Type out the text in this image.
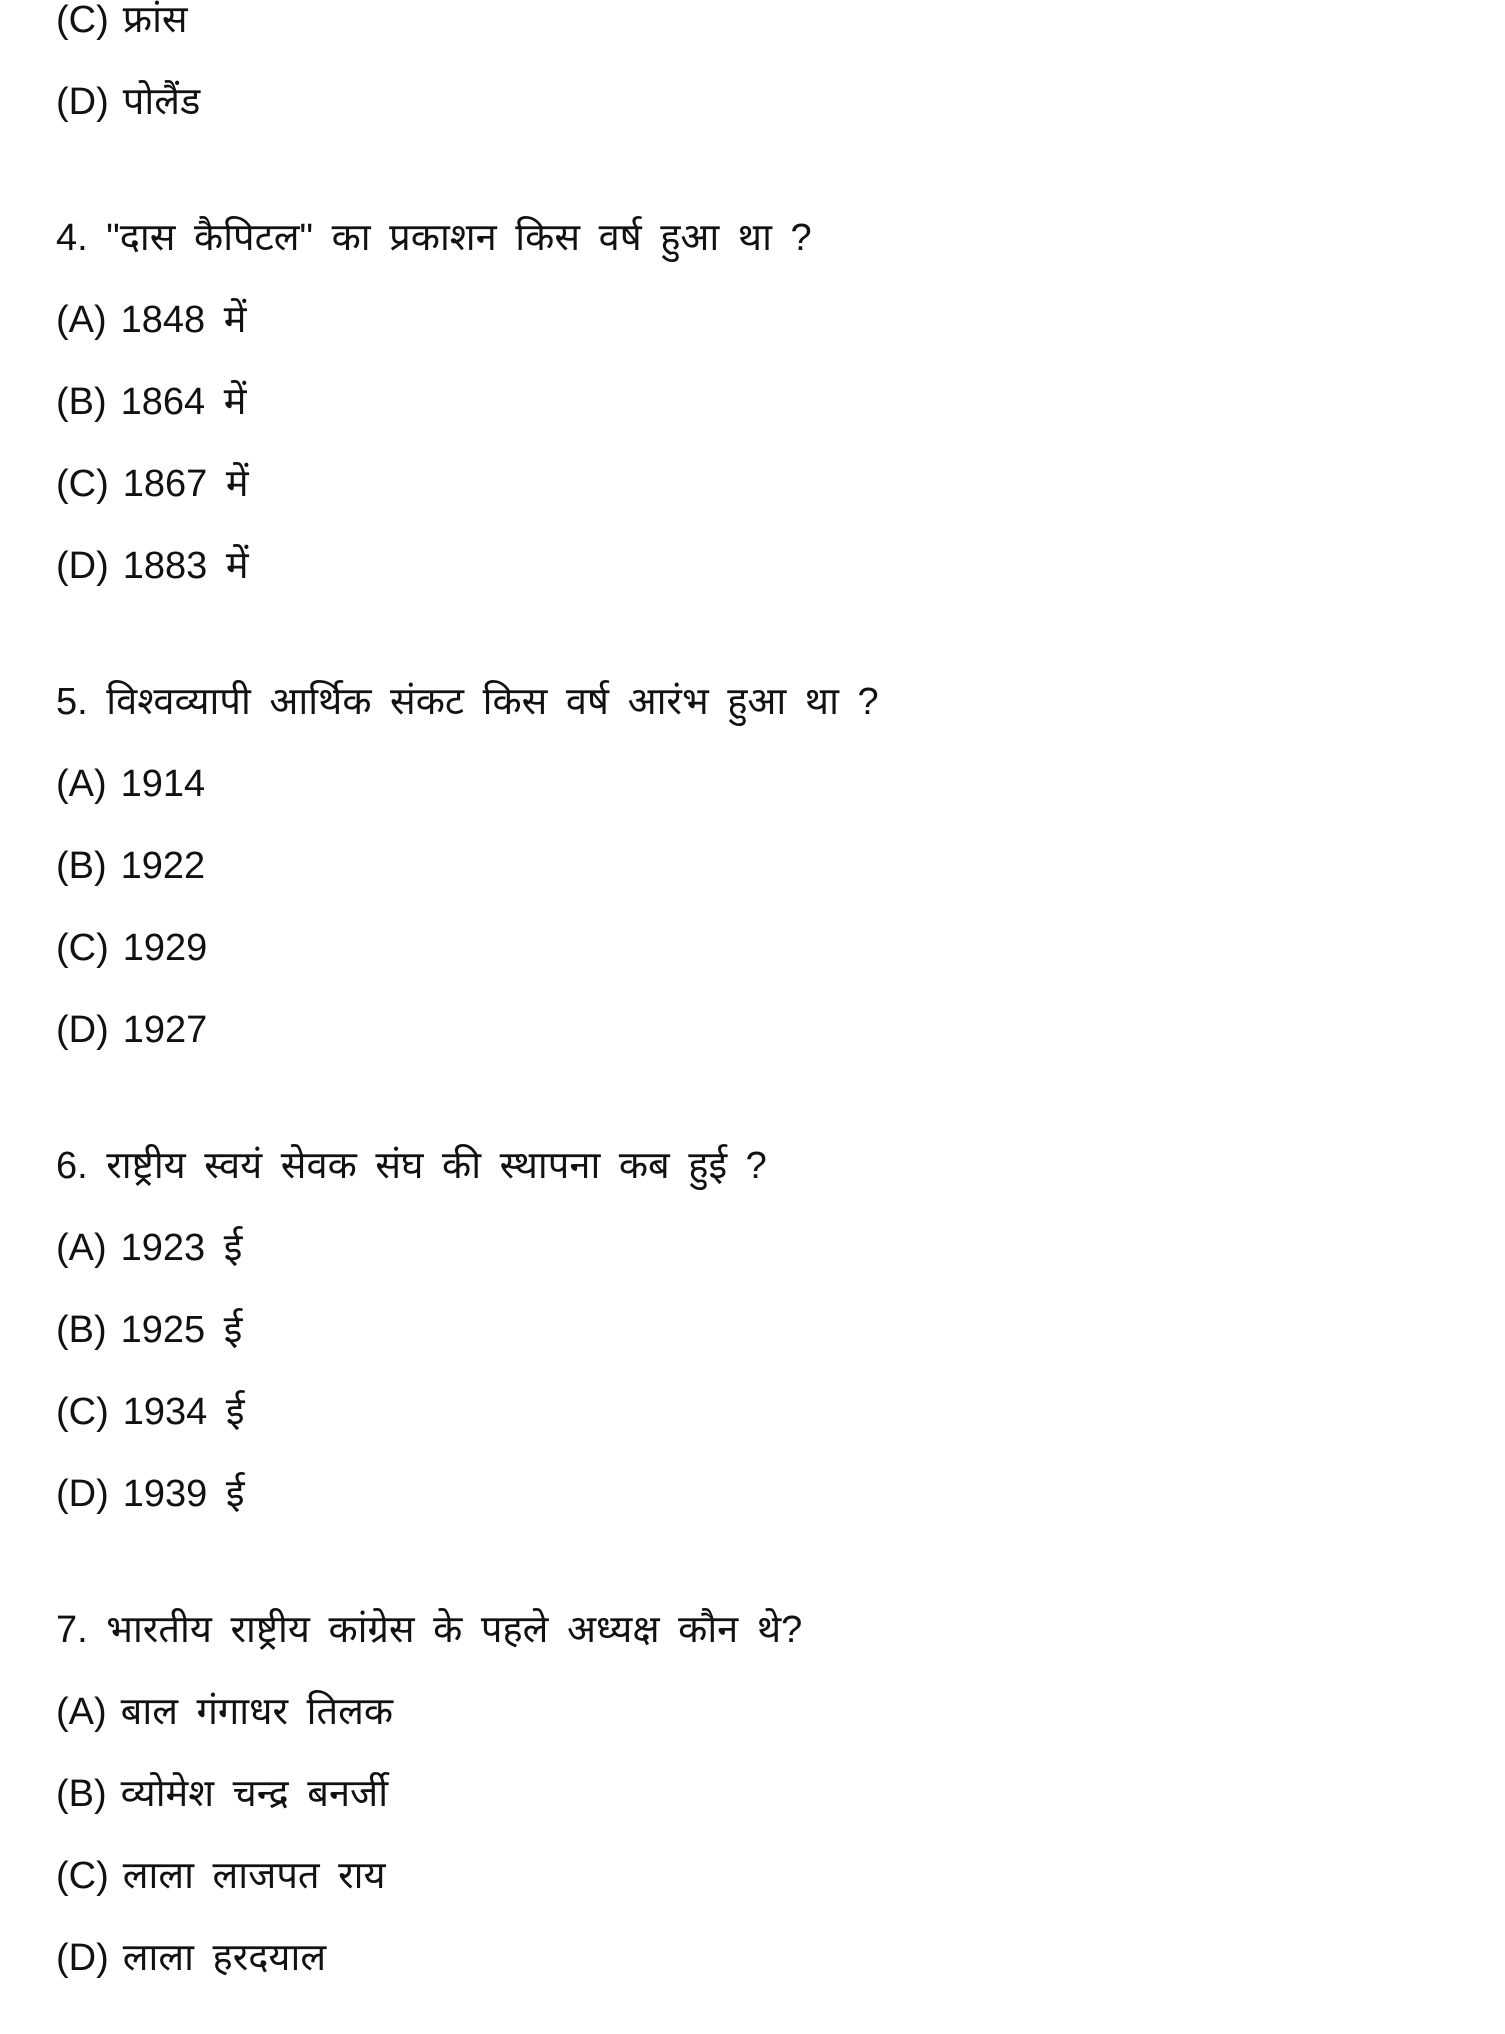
(C) फ्रांस
(D) पोलैंड
4. "दास कैपिटल" का प्रकाशन किस वर्ष हुआ था ?
(A) 1848 में
(B) 1864 में
(C) 1867 में
(D) 1883 में
5. विश्वव्यापी आर्थिक संकट किस वर्ष आरंभ हुआ था ?
(A) 1914
(B) 1922
(C) 1929
(D) 1927
6. राष्ट्रीय स्वयं सेवक संघ की स्थापना कब हुई ?
(A) 1923 ई
(B) 1925 ई
(C) 1934 ई
(D) 1939 ई
7. भारतीय राष्ट्रीय कांग्रेस के पहले अध्यक्ष कौन थे?
(A) बाल गंगाधर तिलक
(B) व्योमेश चन्द्र बनर्जी
(C) लाला लाजपत राय
(D) लाला हरदयाल
